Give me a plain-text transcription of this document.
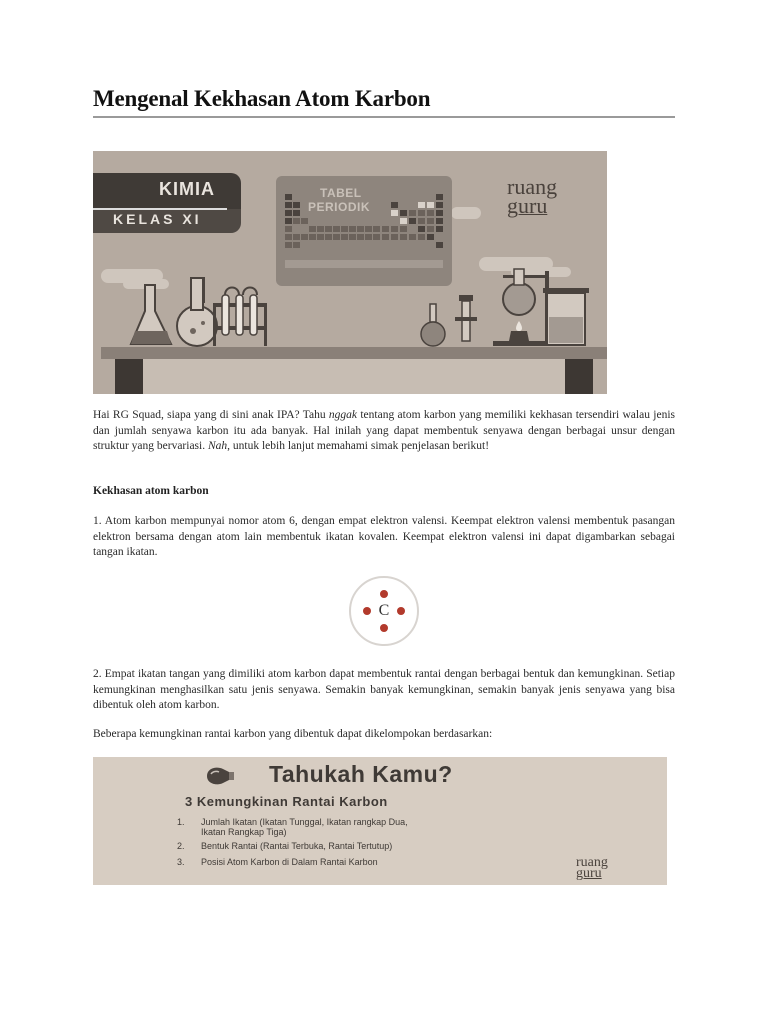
Mengenal Kekhasan Atom Karbon
KIMIA
KELAS XI
TABEL
PERIODIK
ruang
guru
Hai RG Squad, siapa yang di sini anak IPA? Tahu nggak tentang atom karbon yang memiliki kekhasan tersendiri walau jenis dan jumlah senyawa karbon itu ada banyak. Hal inilah yang dapat membentuk senyawa dengan berbagai unsur dengan struktur yang bervariasi. Nah, untuk lebih lanjut memahami simak penjelasan berikut!
Kekhasan atom karbon
1. Atom karbon mempunyai nomor atom 6, dengan empat elektron valensi. Keempat elektron valensi membentuk pasangan elektron bersama dengan atom lain membentuk ikatan kovalen. Keempat elektron valensi ini dapat digambarkan sebagai tangan ikatan.
C
2. Empat ikatan tangan yang dimiliki atom karbon dapat membentuk rantai dengan berbagai bentuk dan kemungkinan. Setiap kemungkinan menghasilkan satu jenis senyawa. Semakin banyak kemungkinan, semakin banyak jenis senyawa yang bisa dibentuk oleh atom karbon.
Beberapa kemungkinan rantai karbon yang dibentuk dapat dikelompokan berdasarkan:
Tahukah Kamu?
3 Kemungkinan Rantai Karbon
1. Jumlah Ikatan (Ikatan Tunggal, Ikatan rangkap Dua,
Ikatan Rangkap Tiga)
2. Bentuk Rantai (Rantai Terbuka, Rantai Tertutup)
3. Posisi Atom Karbon di Dalam Rantai Karbon	ruang
guru
